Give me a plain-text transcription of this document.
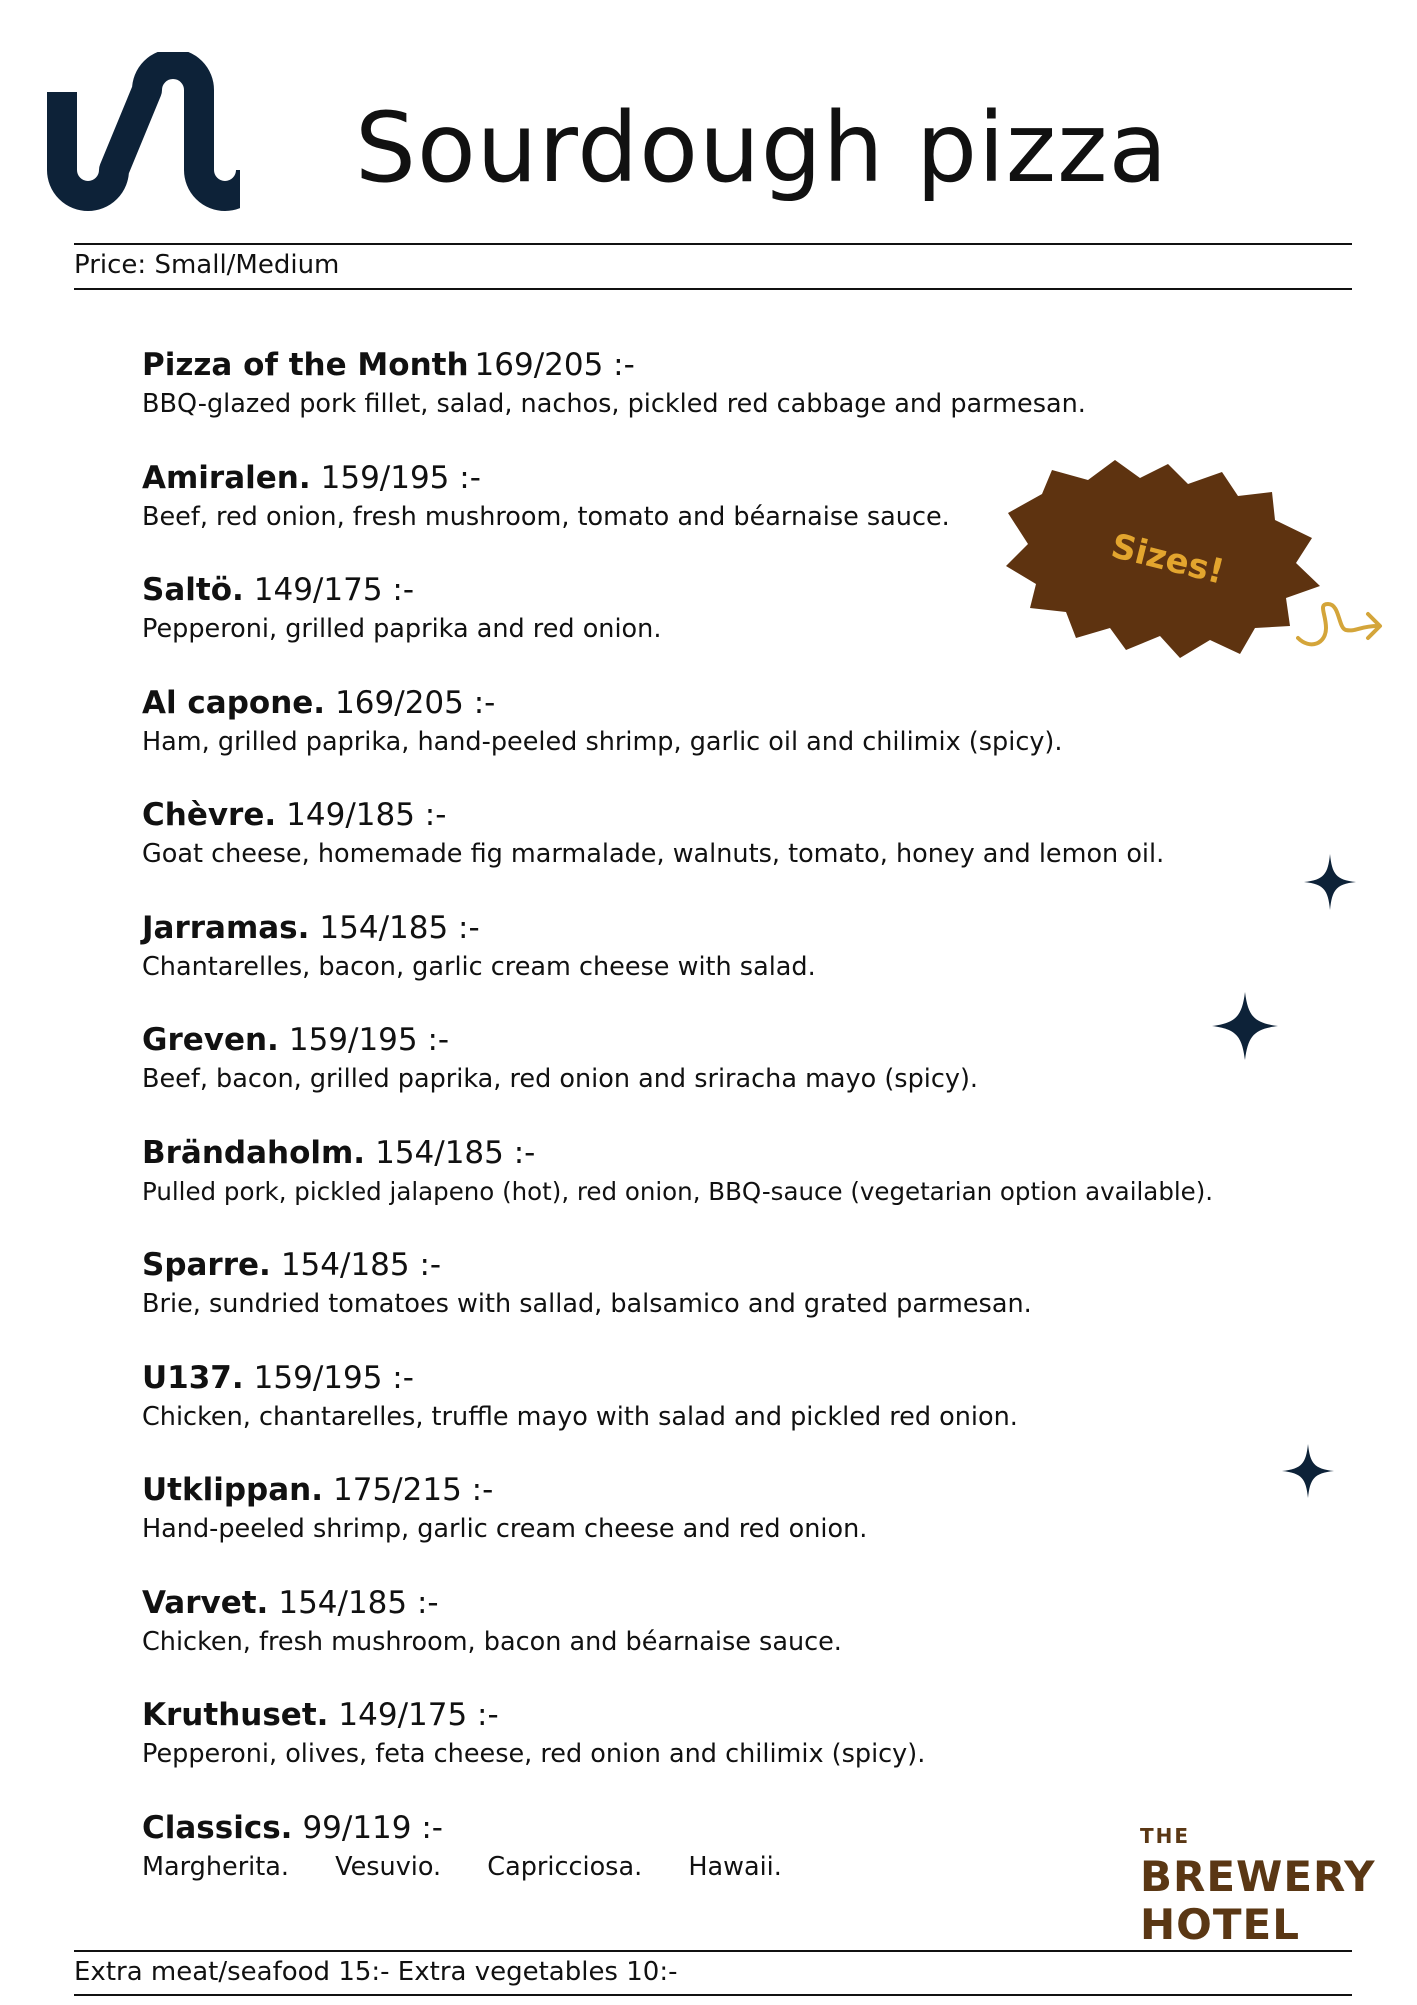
Sourdough pizza
Price: Small/Medium
Pizza of the Month 169/205 :-
BBQ-glazed pork fillet, salad, nachos, pickled red cabbage and parmesan.
Amiralen. 159/195 :-
Beef, red onion, fresh mushroom, tomato and béarnaise sauce.
Saltö. 149/175 :-
Pepperoni, grilled paprika and red onion.
Al capone. 169/205 :-
Ham, grilled paprika, hand-peeled shrimp, garlic oil and chilimix (spicy).
Chèvre. 149/185 :-
Goat cheese, homemade fig marmalade, walnuts, tomato, honey and lemon oil.
Jarramas. 154/185 :-
Chantarelles, bacon, garlic cream cheese with salad.
Greven. 159/195 :-
Beef, bacon, grilled paprika, red onion and sriracha mayo (spicy).
Brändaholm. 154/185 :-
Pulled pork, pickled jalapeno (hot), red onion, BBQ-sauce (vegetarian option available).
Sparre. 154/185 :-
Brie, sundried tomatoes with sallad, balsamico and grated parmesan.
U137. 159/195 :-
Chicken, chantarelles, truffle mayo with salad and pickled red onion.
Utklippan. 175/215 :-
Hand-peeled shrimp, garlic cream cheese and red onion.
Varvet. 154/185 :-
Chicken, fresh mushroom, bacon and béarnaise sauce.
Kruthuset. 149/175 :-
Pepperoni, olives, feta cheese, red onion and chilimix (spicy).
Classics. 99/119 :-
Margherita. Vesuvio. Capricciosa. Hawaii.
Sizes!
THE
BREWERY
HOTEL
Extra meat/seafood 15:- Extra vegetables 10:-
